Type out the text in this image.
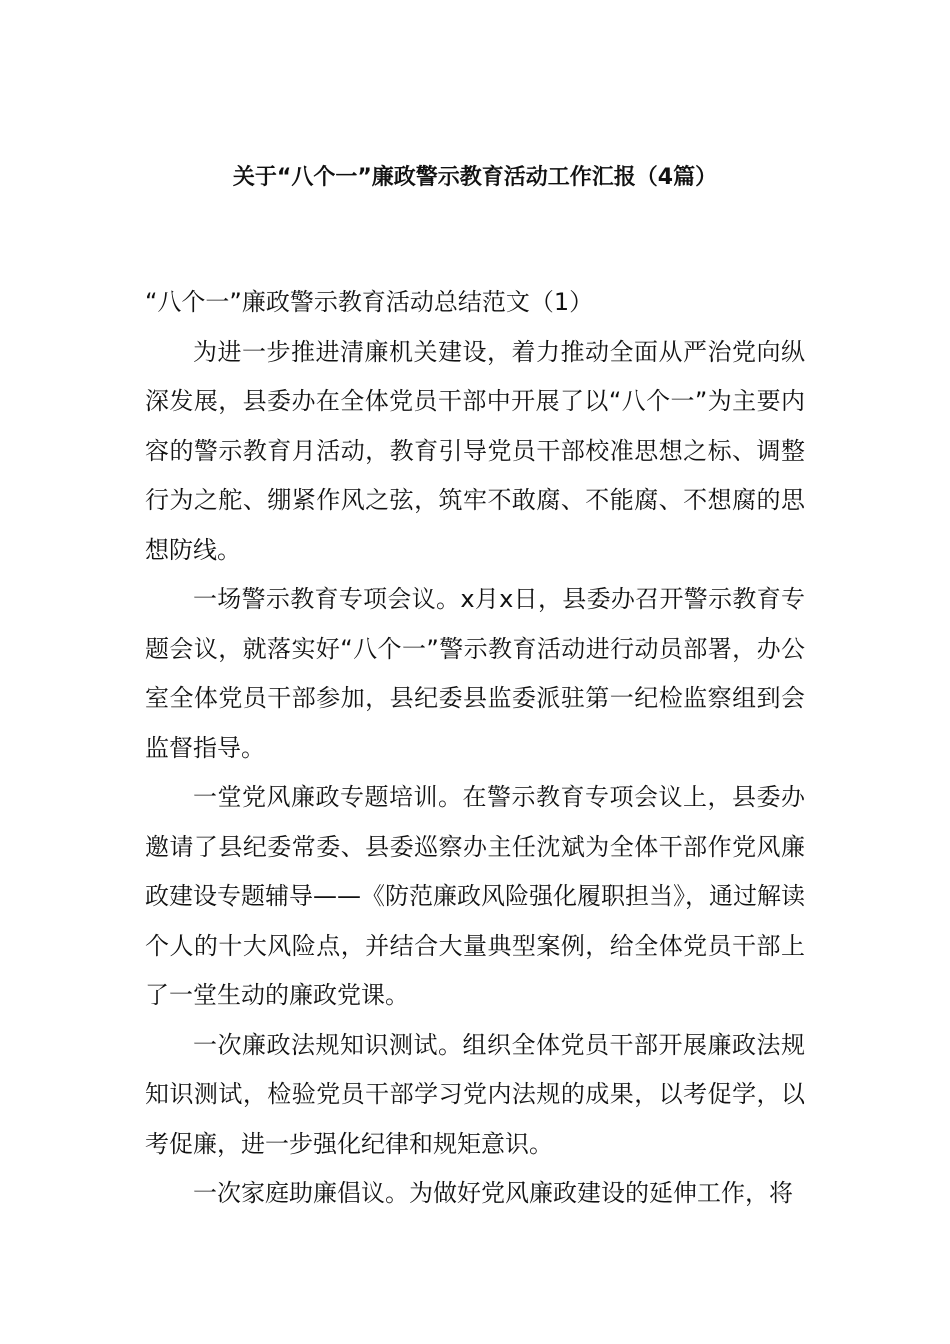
关于“八个一”廉政警示教育活动工作汇报（4篇）

“八个一”廉政警示教育活动总结范文（1）

为进一步推进清廉机关建设，着力推动全面从严治党向纵深发展，县委办在全体党员干部中开展了以“八个一”为主要内容的警示教育月活动，教育引导党员干部校准思想之标、调整行为之舵、绷紧作风之弦，筑牢不敢腐、不能腐、不想腐的思想防线。

一场警示教育专项会议。x月x日，县委办召开警示教育专题会议，就落实好“八个一”警示教育活动进行动员部署，办公室全体党员干部参加，县纪委县监委派驻第一纪检监察组到会监督指导。

一堂党风廉政专题培训。在警示教育专项会议上，县委办邀请了县纪委常委、县委巡察办主任沈斌为全体干部作党风廉政建设专题辅导——《防范廉政风险强化履职担当》，通过解读个人的十大风险点，并结合大量典型案例，给全体党员干部上了一堂生动的廉政党课。

一次廉政法规知识测试。组织全体党员干部开展廉政法规知识测试，检验党员干部学习党内法规的成果，以考促学，以考促廉，进一步强化纪律和规矩意识。

一次家庭助廉倡议。为做好党风廉政建设的延伸工作，将
